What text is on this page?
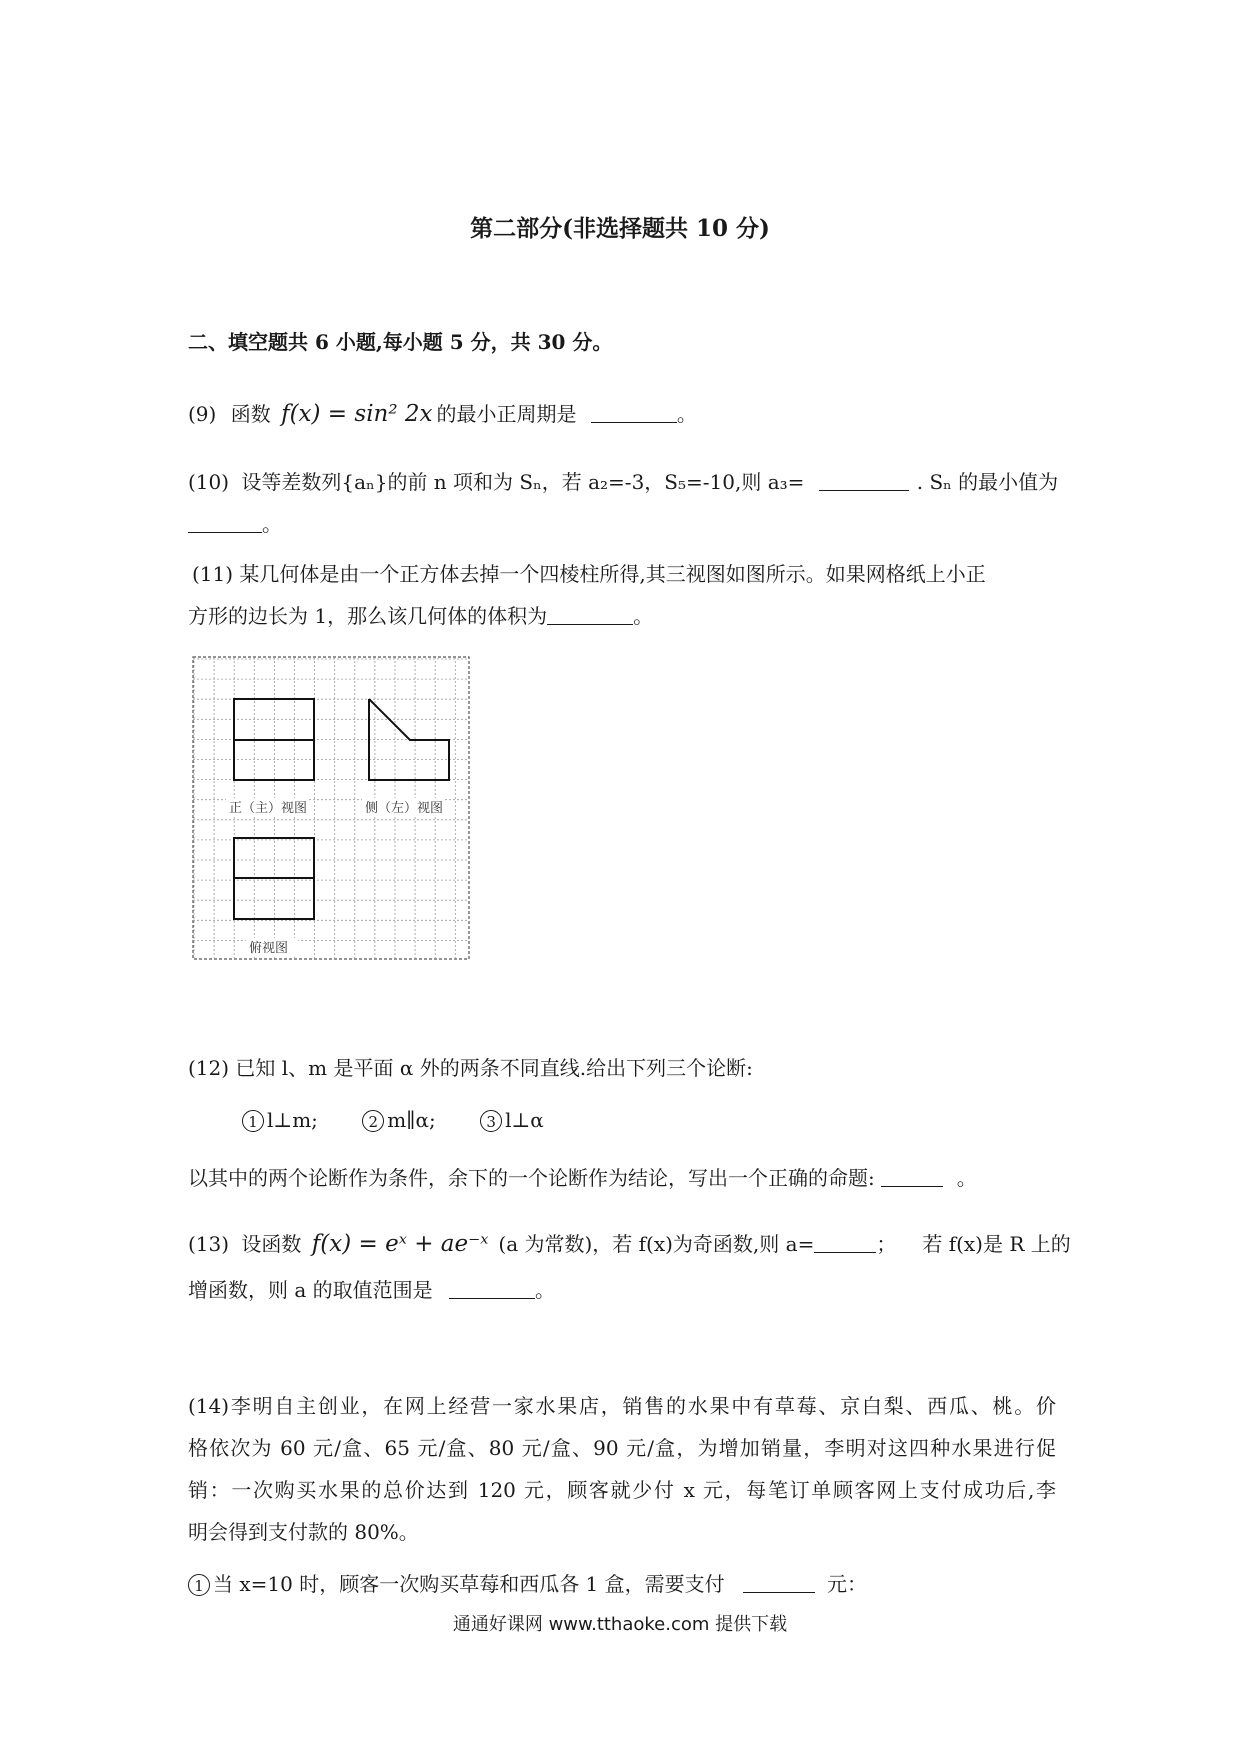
第二部分(非选择题共 10 分)
二、填空题共 6 小题,每小题 5 分，共 30 分。
(9) 函数 f(x) = sin² 2x 的最小正周期是	。
(10) 设等差数列{aₙ}的前 n 项和为 Sₙ，若 a₂=-3，S₅=-10,则 a₃=	. Sₙ 的最小值为
。
(11) 某几何体是由一个正方体去掉一个四棱柱所得,其三视图如图所示。如果网格纸上小正
方形的边长为 1，那么该几何体的体积为	。
正（主）视图	侧（左）视图
俯视图
(12) 已知 l、m 是平面 α 外的两条不同直线.给出下列三个论断:
1 l⊥m;	2 m∥α;	3 l⊥α
以其中的两个论断作为条件，余下的一个论断作为结论，写出一个正确的命题:	。
(13) 设函数 f(x) = eˣ + ae⁻ˣ (a 为常数)，若 f(x)为奇函数,则 a=	； 若 f(x)是 R 上的
增函数，则 a 的取值范围是	。
(14)李明自主创业，在网上经营一家水果店，销售的水果中有草莓、京白梨、西瓜、桃。价
格依次为 60 元/盒、65 元/盒、80 元/盒、90 元/盒，为增加销量，李明对这四种水果进行促
销：一次购买水果的总价达到 120 元，顾客就少付 x 元，每笔订单顾客网上支付成功后,李
明会得到支付款的 80%。
1 当 x=10 时，顾客一次购买草莓和西瓜各 1 盒，需要支付	元：
通通好课网 www.tthaoke.com 提供下载
